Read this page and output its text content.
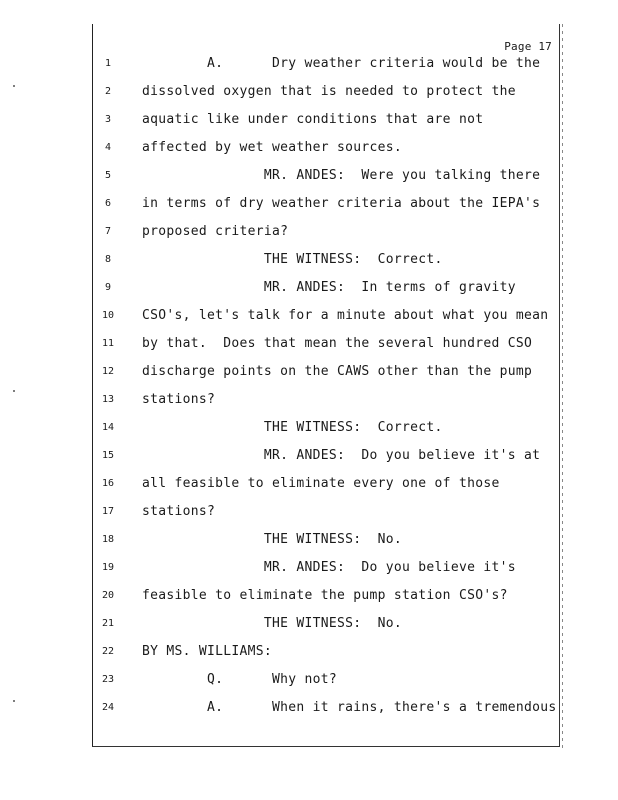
Page 17
1	A.      Dry weather criteria would be the
2	dissolved oxygen that is needed to protect the
3	aquatic like under conditions that are not
4	affected by wet weather sources.
5	MR. ANDES:  Were you talking there
6	in terms of dry weather criteria about the IEPA's
7	proposed criteria?
8	THE WITNESS:  Correct.
9	MR. ANDES:  In terms of gravity
10	CSO's, let's talk for a minute about what you mean
11	by that.  Does that mean the several hundred CSO
12	discharge points on the CAWS other than the pump
13	stations?
14	THE WITNESS:  Correct.
15	MR. ANDES:  Do you believe it's at
16	all feasible to eliminate every one of those
17	stations?
18	THE WITNESS:  No.
19	MR. ANDES:  Do you believe it's
20	feasible to eliminate the pump station CSO's?
21	THE WITNESS:  No.
22	BY MS. WILLIAMS:
23	Q.      Why not?
24	A.      When it rains, there's a tremendous
